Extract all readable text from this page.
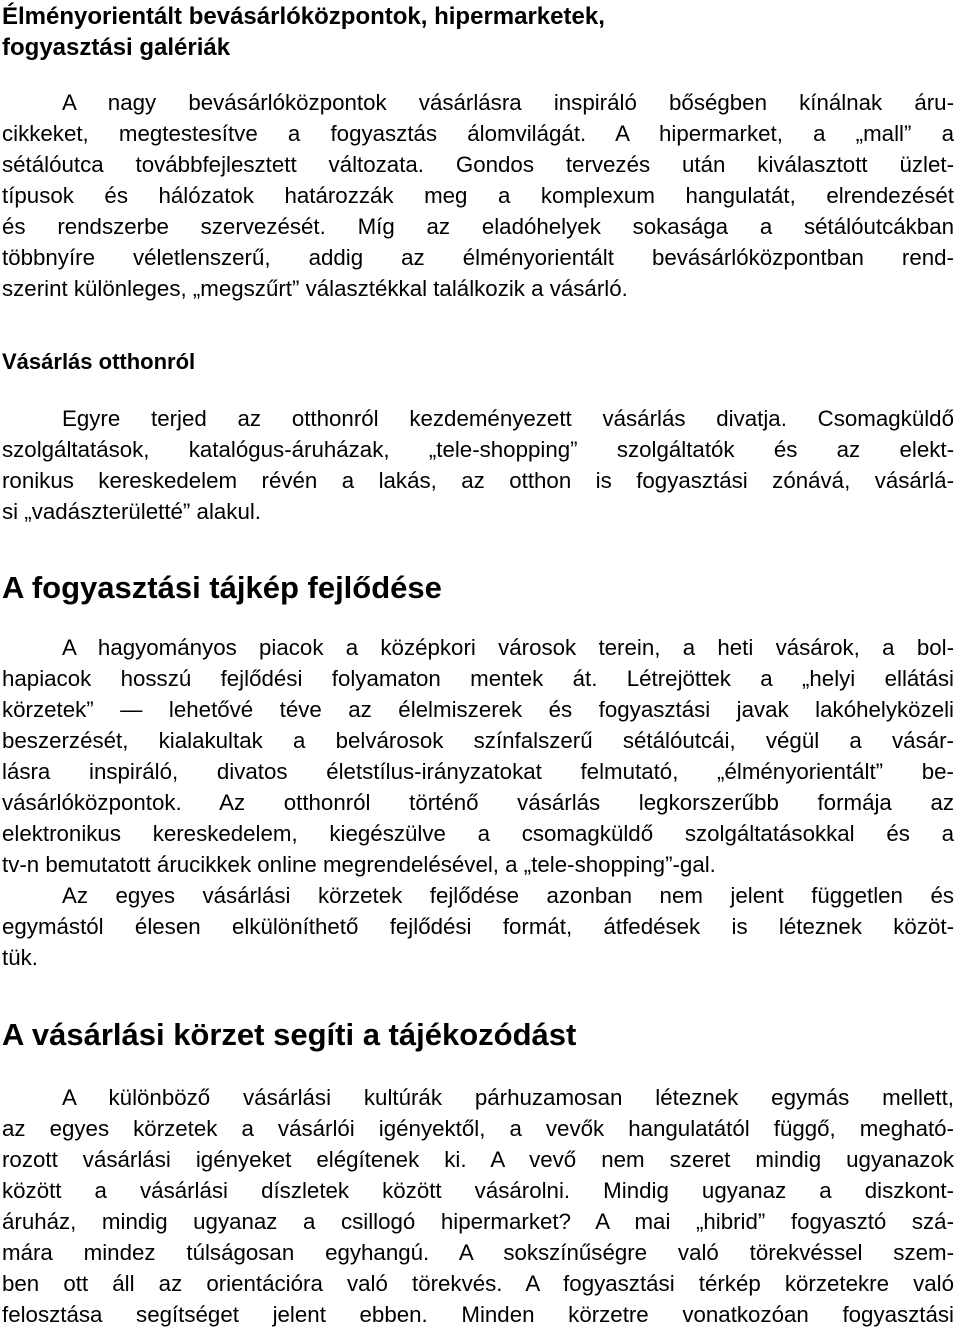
Élményorientált bevásárlóközpontok, hipermarketek,
fogyasztási galériák
A nagy bevásárlóközpontok vásárlásra inspiráló bőségben kínálnak áru-
cikkeket, megtestesítve a fogyasztás álomvilágát. A hipermarket, a „mall” a
sétálóutca továbbfejlesztett változata. Gondos tervezés után kiválasztott üzlet-
típusok és hálózatok határozzák meg a komplexum hangulatát, elrendezését
és rendszerbe szervezését. Míg az eladóhelyek sokasága a sétálóutcákban
többnyíre véletlenszerű, addig az élményorientált bevásárlóközpontban rend-
szerint különleges, „megszűrt” választékkal találkozik a vásárló.
Vásárlás otthonról
Egyre terjed az otthonról kezdeményezett vásárlás divatja. Csomagküldő
szolgáltatások, katalógus-áruházak, „tele-shopping” szolgáltatók és az elekt-
ronikus kereskedelem révén a lakás, az otthon is fogyasztási zónává, vásárlá-
si „vadászterületté” alakul.
A fogyasztási tájkép fejlődése
A hagyományos piacok a középkori városok terein, a heti vásárok, a bol-
hapiacok hosszú fejlődési folyamaton mentek át. Létrejöttek a „helyi ellátási
körzetek” — lehetővé téve az élelmiszerek és fogyasztási javak lakóhelyközeli
beszerzését, kialakultak a belvárosok színfalszerű sétálóutcái, végül a vásár-
lásra inspiráló, divatos életstílus-irányzatokat felmutató, „élményorientált” be-
vásárlóközpontok. Az otthonról történő vásárlás legkorszerűbb formája az
elektronikus kereskedelem, kiegészülve a csomagküldő szolgáltatásokkal és a
tv-n bemutatott árucikkek online megrendelésével, a „tele-shopping”-gal.
Az egyes vásárlási körzetek fejlődése azonban nem jelent független és
egymástól élesen elkülöníthető fejlődési formát, átfedések is léteznek közöt-
tük.
A vásárlási körzet segíti a tájékozódást
A különböző vásárlási kultúrák párhuzamosan léteznek egymás mellett,
az egyes körzetek a vásárlói igényektől, a vevők hangulatától függő, megható-
rozott vásárlási igényeket elégítenek ki. A vevő nem szeret mindig ugyanazok
között a vásárlási díszletek között vásárolni. Mindig ugyanaz a diszkont-
áruház, mindig ugyanaz a csillogó hipermarket? A mai „hibrid” fogyasztó szá-
mára mindez túlságosan egyhangú. A sokszínűségre való törekvéssel szem-
ben ott áll az orientációra való törekvés. A fogyasztási térkép körzetekre való
felosztása segítséget jelent ebben. Minden körzetre vonatkozóan fogyasztási
